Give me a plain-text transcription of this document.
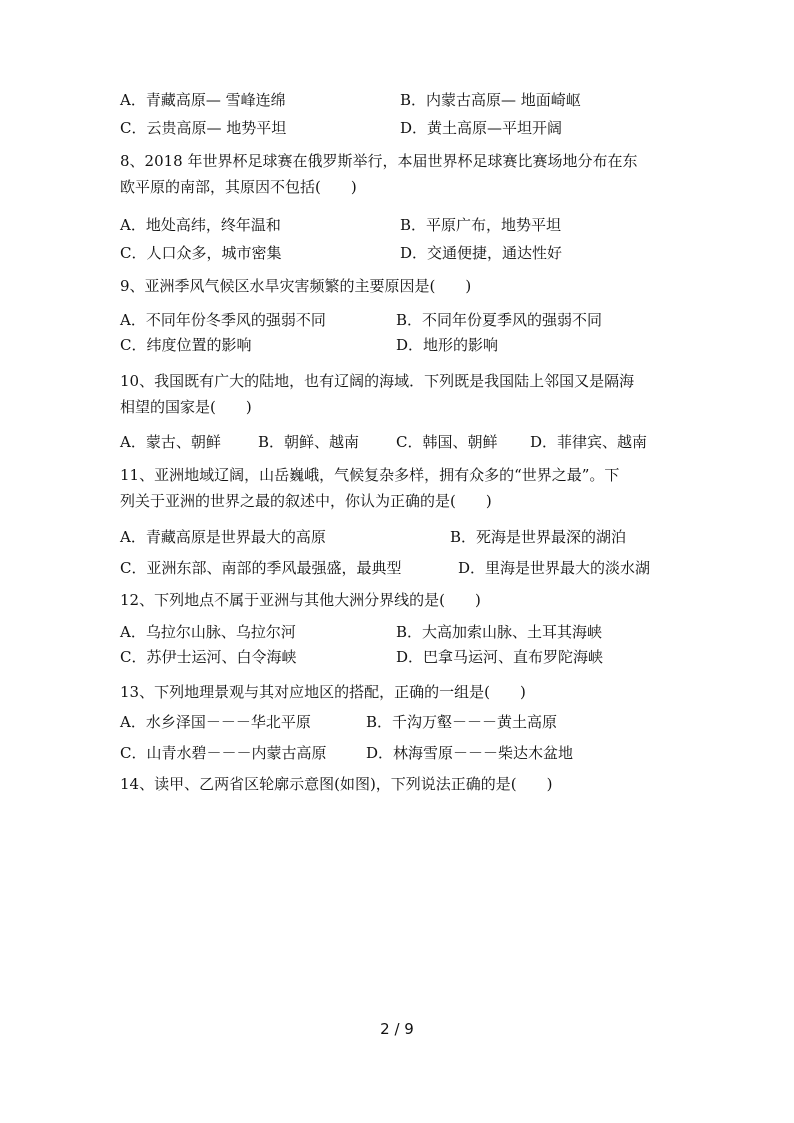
A．青藏高原— 雪峰连绵	B．内蒙古高原— 地面崎岖
C．云贵高原— 地势平坦	D．黄土高原—平坦开阔
8、2018 年世界杯足球赛在俄罗斯举行，本届世界杯足球赛比赛场地分布在东
欧平原的南部，其原因不包括(　　)
A．地处高纬，终年温和	B．平原广布，地势平坦
C．人口众多，城市密集	D．交通便捷，通达性好
9、亚洲季风气候区水旱灾害频繁的主要原因是(　　)
A．不同年份冬季风的强弱不同	B．不同年份夏季风的强弱不同
C．纬度位置的影响	D．地形的影响
10、我国既有广大的陆地，也有辽阔的海域．下列既是我国陆上邻国又是隔海
相望的国家是(　　)
A．蒙古、朝鲜 B．朝鲜、越南 C．韩国、朝鲜 D．菲律宾、越南
11、亚洲地域辽阔，山岳巍峨，气候复杂多样，拥有众多的“世界之最”。下
列关于亚洲的世界之最的叙述中，你认为正确的是(　　)
A．青藏高原是世界最大的高原	B．死海是世界最深的湖泊
C．亚洲东部、南部的季风最强盛，最典型	D．里海是世界最大的淡水湖
12、下列地点不属于亚洲与其他大洲分界线的是(　　)
A．乌拉尔山脉、乌拉尔河	B．大高加索山脉、土耳其海峡
C．苏伊士运河、白令海峡	D．巴拿马运河、直布罗陀海峡
13、下列地理景观与其对应地区的搭配，正确的一组是(　　)
A．水乡泽国－－－华北平原	B．千沟万壑－－－黄土高原
C．山青水碧－－－内蒙古高原	D．林海雪原－－－柴达木盆地
14、读甲、乙两省区轮廓示意图(如图)，下列说法正确的是(　　)
2 / 9
